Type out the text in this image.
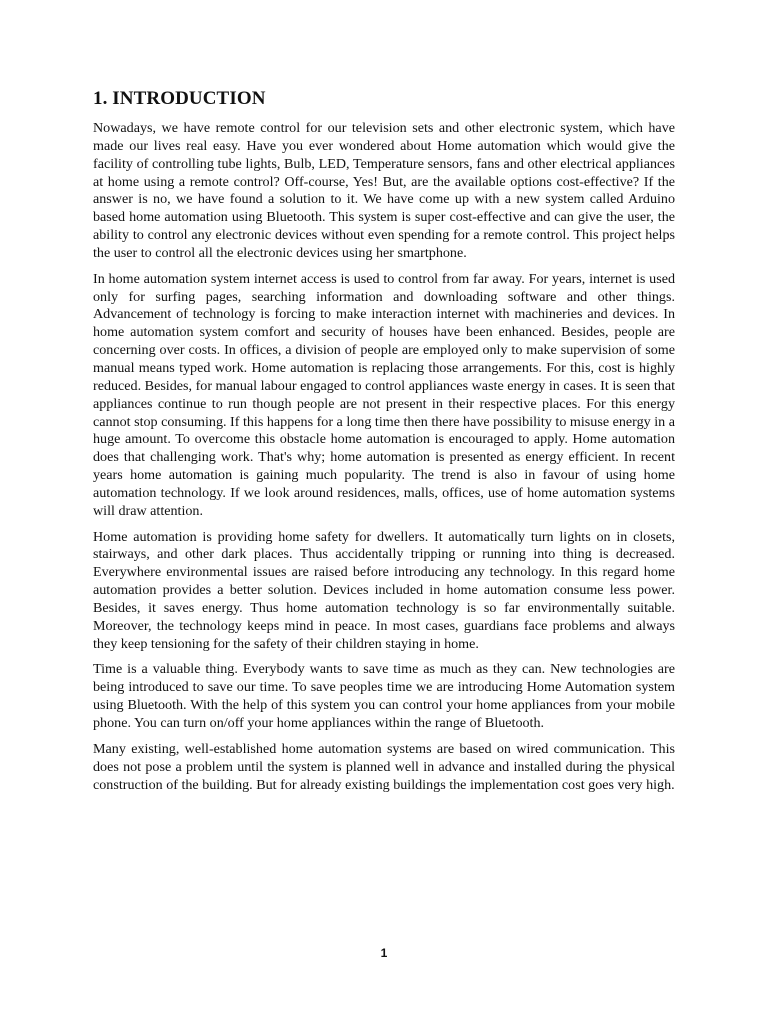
1. INTRODUCTION

Nowadays, we have remote control for our television sets and other electronic system, which have made our lives real easy. Have you ever wondered about Home automation which would give the facility of controlling tube lights, Bulb, LED, Temperature sensors, fans and other electrical appliances at home using a remote control? Off-course, Yes! But, are the available options cost-effective? If the answer is no, we have found a solution to it. We have come up with a new system called Arduino based home automation using Bluetooth. This system is super cost-effective and can give the user, the ability to control any electronic devices without even spending for a remote control. This project helps the user to control all the electronic devices using her smartphone.

In home automation system internet access is used to control from far away. For years, internet is used only for surfing pages, searching information and downloading software and other things. Advancement of technology is forcing to make interaction internet with machineries and devices. In home automation system comfort and security of houses have been enhanced. Besides, people are concerning over costs. In offices, a division of people are employed only to make supervision of some manual means typed work. Home automation is replacing those arrangements. For this, cost is highly reduced. Besides, for manual labour engaged to control appliances waste energy in cases. It is seen that appliances continue to run though people are not present in their respective places. For this energy cannot stop consuming. If this happens for a long time then there have possibility to misuse energy in a huge amount. To overcome this obstacle home automation is encouraged to apply. Home automation does that challenging work. That's why; home automation is presented as energy efficient. In recent years home automation is gaining much popularity. The trend is also in favour of using home automation technology. If we look around residences, malls, offices, use of home automation systems will draw attention.

Home automation is providing home safety for dwellers. It automatically turn lights on in closets, stairways, and other dark places. Thus accidentally tripping or running into thing is decreased. Everywhere environmental issues are raised before introducing any technology. In this regard home automation provides a better solution. Devices included in home automation consume less power. Besides, it saves energy. Thus home automation technology is so far environmentally suitable. Moreover, the technology keeps mind in peace. In most cases, guardians face problems and always they keep tensioning for the safety of their children staying in home.

Time is a valuable thing. Everybody wants to save time as much as they can. New technologies are being introduced to save our time. To save peoples time we are introducing Home Automation system using Bluetooth. With the help of this system you can control your home appliances from your mobile phone. You can turn on/off your home appliances within the range of Bluetooth.

Many existing, well-established home automation systems are based on wired communication. This does not pose a problem until the system is planned well in advance and installed during the physical construction of the building. But for already existing buildings the implementation cost goes very high.

1
